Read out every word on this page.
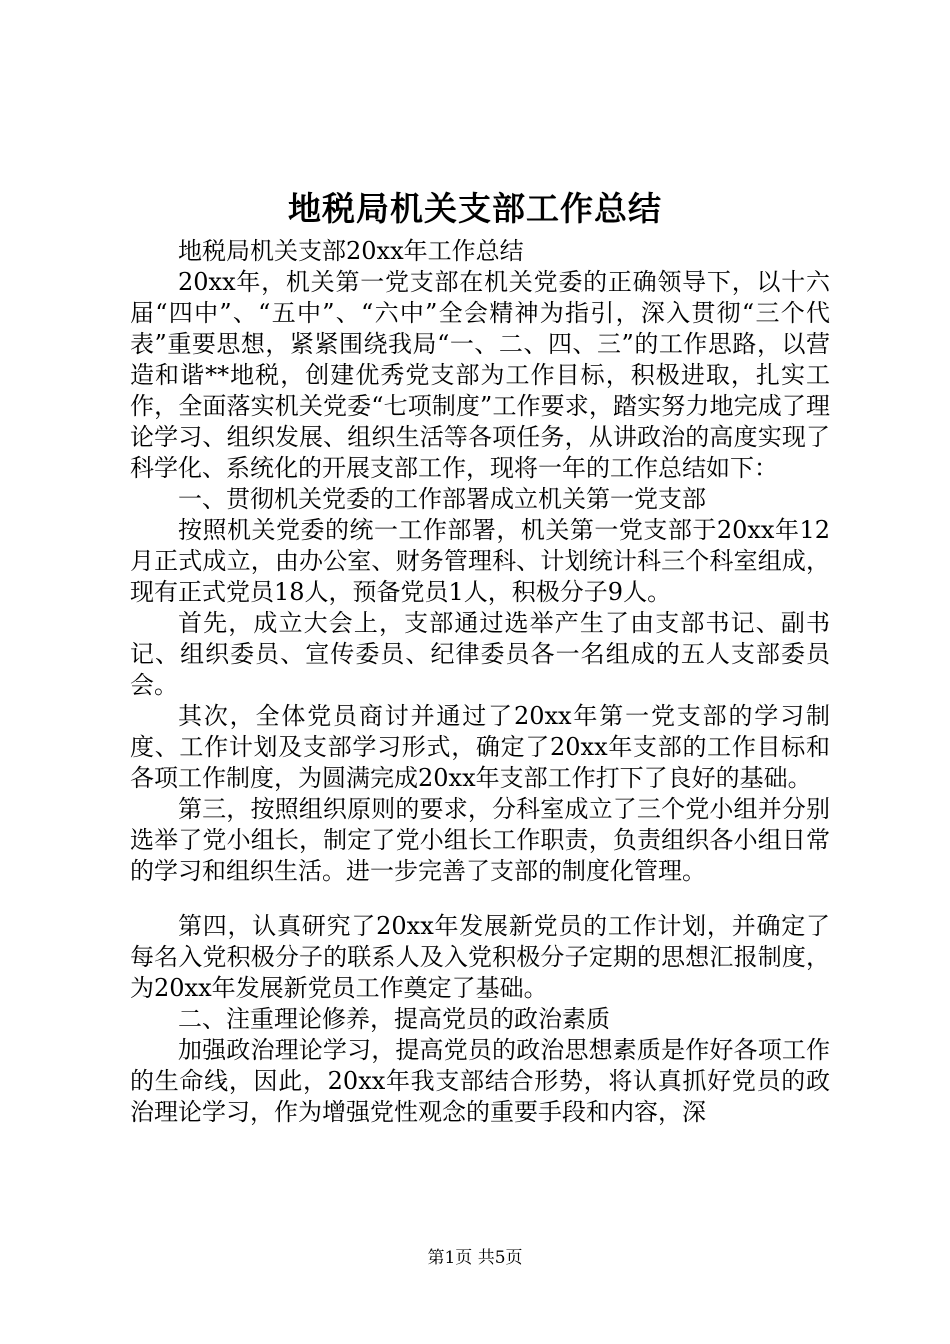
地税局机关支部工作总结

地税局机关支部20xx年工作总结

20xx年，机关第一党支部在机关党委的正确领导下，以十六届“四中”、“五中”、“六中”全会精神为指引，深入贯彻“三个代表”重要思想，紧紧围绕我局“一、二、四、三”的工作思路，以营造和谐**地税，创建优秀党支部为工作目标，积极进取，扎实工作，全面落实机关党委“七项制度”工作要求，踏实努力地完成了理论学习、组织发展、组织生活等各项任务，从讲政治的高度实现了科学化、系统化的开展支部工作，现将一年的工作总结如下：

一、贯彻机关党委的工作部署成立机关第一党支部

按照机关党委的统一工作部署，机关第一党支部于20xx年12月正式成立，由办公室、财务管理科、计划统计科三个科室组成，现有正式党员18人，预备党员1人，积极分子9人。

首先，成立大会上，支部通过选举产生了由支部书记、副书记、组织委员、宣传委员、纪律委员各一名组成的五人支部委员会。

其次，全体党员商讨并通过了20xx年第一党支部的学习制度、工作计划及支部学习形式，确定了20xx年支部的工作目标和各项工作制度，为圆满完成20xx年支部工作打下了良好的基础。

第三，按照组织原则的要求，分科室成立了三个党小组并分别选举了党小组长，制定了党小组长工作职责，负责组织各小组日常的学习和组织生活。进一步完善了支部的制度化管理。

第四，认真研究了20xx年发展新党员的工作计划，并确定了每名入党积极分子的联系人及入党积极分子定期的思想汇报制度，为20xx年发展新党员工作奠定了基础。

二、注重理论修养，提高党员的政治素质

加强政治理论学习，提高党员的政治思想素质是作好各项工作的生命线，因此，20xx年我支部结合形势，将认真抓好党员的政治理论学习，作为增强党性观念的重要手段和内容，深

第1页 共5页
